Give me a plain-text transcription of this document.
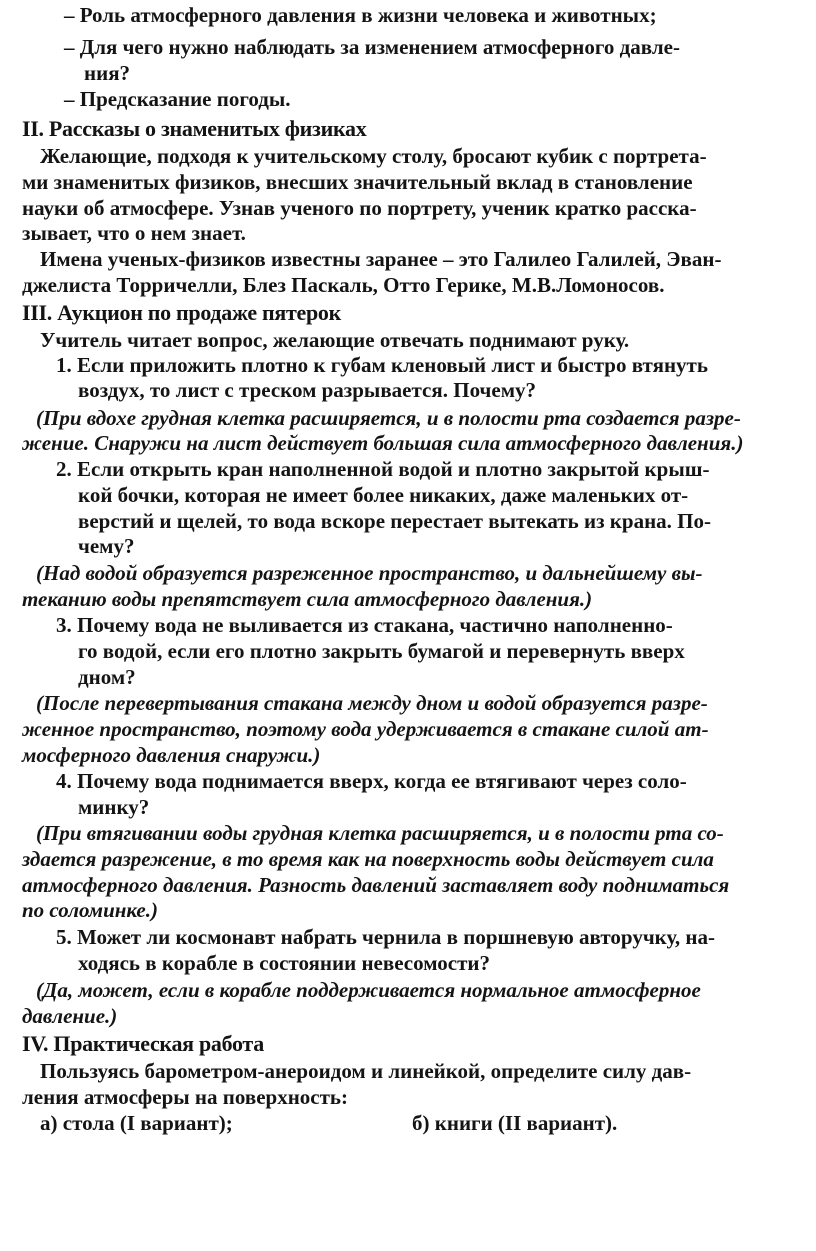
– Роль атмосферного давления в жизни человека и животных;
– Для чего нужно наблюдать за изменением атмосферного давле-
ния?
– Предсказание погоды.
II. Рассказы о знаменитых физиках
Желающие, подходя к учительскому столу, бросают кубик с портрета-
ми знаменитых физиков, внесших значительный вклад в становление
науки об атмосфере. Узнав ученого по портрету, ученик кратко расска-
зывает, что о нем знает.
Имена ученых-физиков известны заранее – это Галилео Галилей, Эван-
джелиста Торричелли, Блез Паскаль, Отто Герике, М.В.Ломоносов.
III. Аукцион по продаже пятерок
Учитель читает вопрос, желающие отвечать поднимают руку.
1. Если приложить плотно к губам кленовый лист и быстро втянуть
воздух, то лист с треском разрывается. Почему?
(При вдохе грудная клетка расширяется, и в полости рта создается разре-
жение. Снаружи на лист действует большая сила атмосферного давления.)
2. Если открыть кран наполненной водой и плотно закрытой крыш-
кой бочки, которая не имеет более никаких, даже маленьких от-
верстий и щелей, то вода вскоре перестает вытекать из крана. По-
чему?
(Над водой образуется разреженное пространство, и дальнейшему вы-
теканию воды препятствует сила атмосферного давления.)
3. Почему вода не выливается из стакана, частично наполненно-
го водой, если его плотно закрыть бумагой и перевернуть вверх
дном?
(После перевертывания стакана между дном и водой образуется разре-
женное пространство, поэтому вода удерживается в стакане силой ат-
мосферного давления снаружи.)
4. Почему вода поднимается вверх, когда ее втягивают через соло-
минку?
(При втягивании воды грудная клетка расширяется, и в полости рта со-
здается разрежение, в то время как на поверхность воды действует сила
атмосферного давления. Разность давлений заставляет воду подниматься
по соломинке.)
5. Может ли космонавт набрать чернила в поршневую авторучку, на-
ходясь в корабле в состоянии невесомости?
(Да, может, если в корабле поддерживается нормальное атмосферное
давление.)
IV. Практическая работа
Пользуясь барометром-анероидом и линейкой, определите силу дав-
ления атмосферы на поверхность:
а) стола (I вариант);	б) книги (II вариант).
